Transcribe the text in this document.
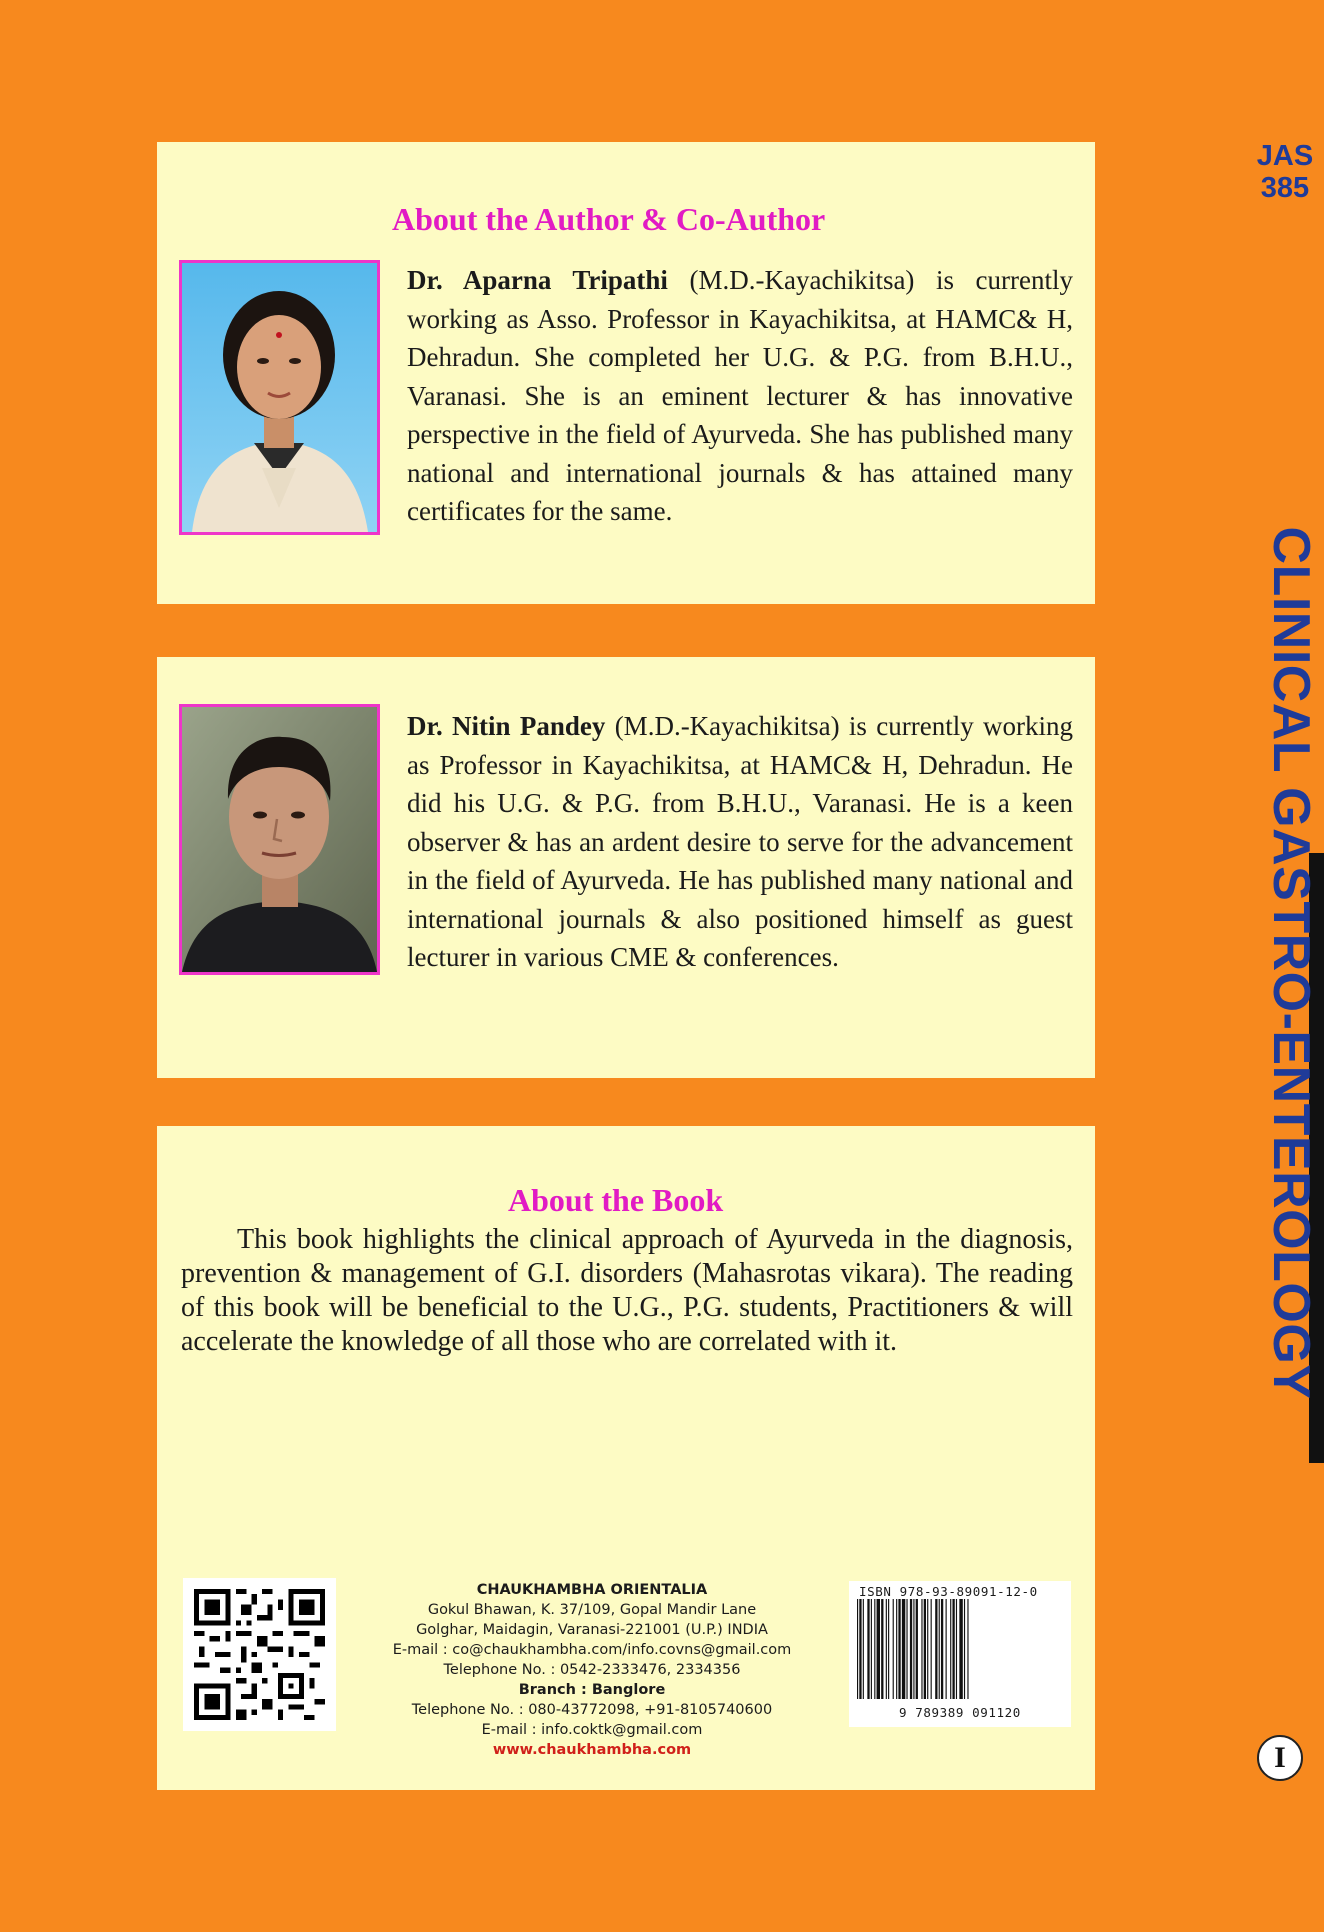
JAS
385
CLINICAL GASTRO-ENTEROLOGY
I
About the Author & Co-Author

Dr. Aparna Tripathi (M.D.-Kayachikitsa) is currently working as Asso. Professor in Kayachikitsa, at HAMC& H, Dehradun. She completed her U.G. & P.G. from B.H.U., Varanasi. She is an eminent lecturer & has innovative perspective in the field of Ayurveda. She has published many national and international journals & has attained many certificates for the same.

Dr. Nitin Pandey (M.D.-Kayachikitsa) is currently working as Professor in Kayachikitsa, at HAMC& H, Dehradun. He did his U.G. & P.G. from B.H.U., Varanasi. He is a keen observer & has an ardent desire to serve for the advancement in the field of Ayurveda. He has published many national and international journals & also positioned himself as guest lecturer in various CME & conferences.

About the Book

This book highlights the clinical approach of Ayurveda in the diagnosis, prevention & management of G.I. disorders (Mahasrotas vikara). The reading of this book will be beneficial to the U.G., P.G. students, Practitioners & will accelerate the knowledge of all those who are correlated with it.

CHAUKHAMBHA ORIENTALIA
Gokul Bhawan, K. 37/109, Gopal Mandir Lane
Golghar, Maidagin, Varanasi-221001 (U.P.) INDIA
E-mail : co@chaukhambha.com/info.covns@gmail.com
Telephone No. : 0542-2333476, 2334356
Branch : Banglore
Telephone No. : 080-43772098, +91-8105740600
E-mail : info.coktk@gmail.com
www.chaukhambha.com
ISBN 978-93-89091-12-0
9 789389 091120
